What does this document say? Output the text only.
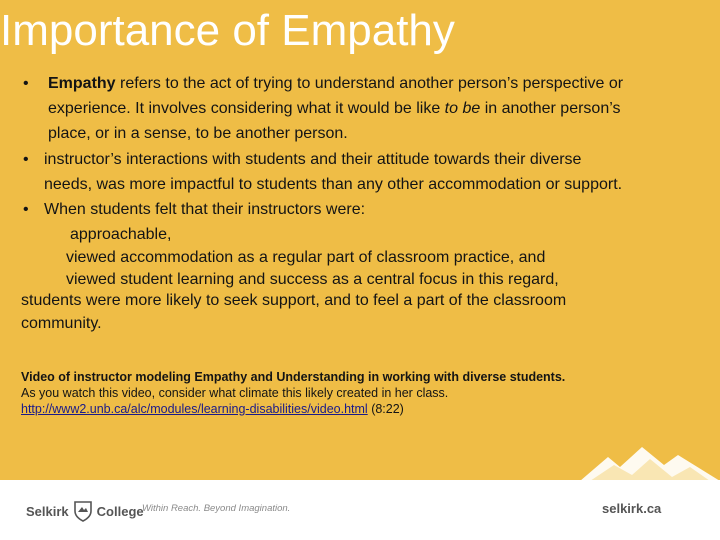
Importance of Empathy
• Empathy refers to the act of trying to understand another person’s perspective or
experience. It involves considering what it would be like to be in another person’s
place, or in a sense, to be another person.
• instructor’s interactions with students and their attitude towards their diverse
needs, was more impactful to students than any other accommodation or support.
• When students felt that their instructors were:
approachable,
viewed accommodation as a regular part of classroom practice, and
viewed student learning and success as a central focus in this regard,
students were more likely to seek support, and to feel a part of the classroom
community.
Video of instructor modeling Empathy and Understanding in working with diverse students.
As you watch this video, consider what climate this likely created in her class.
http://www2.unb.ca/alc/modules/learning-disabilities/video.html (8:22)
Selkirk College
Within Reach. Beyond Imagination.	selkirk.ca
